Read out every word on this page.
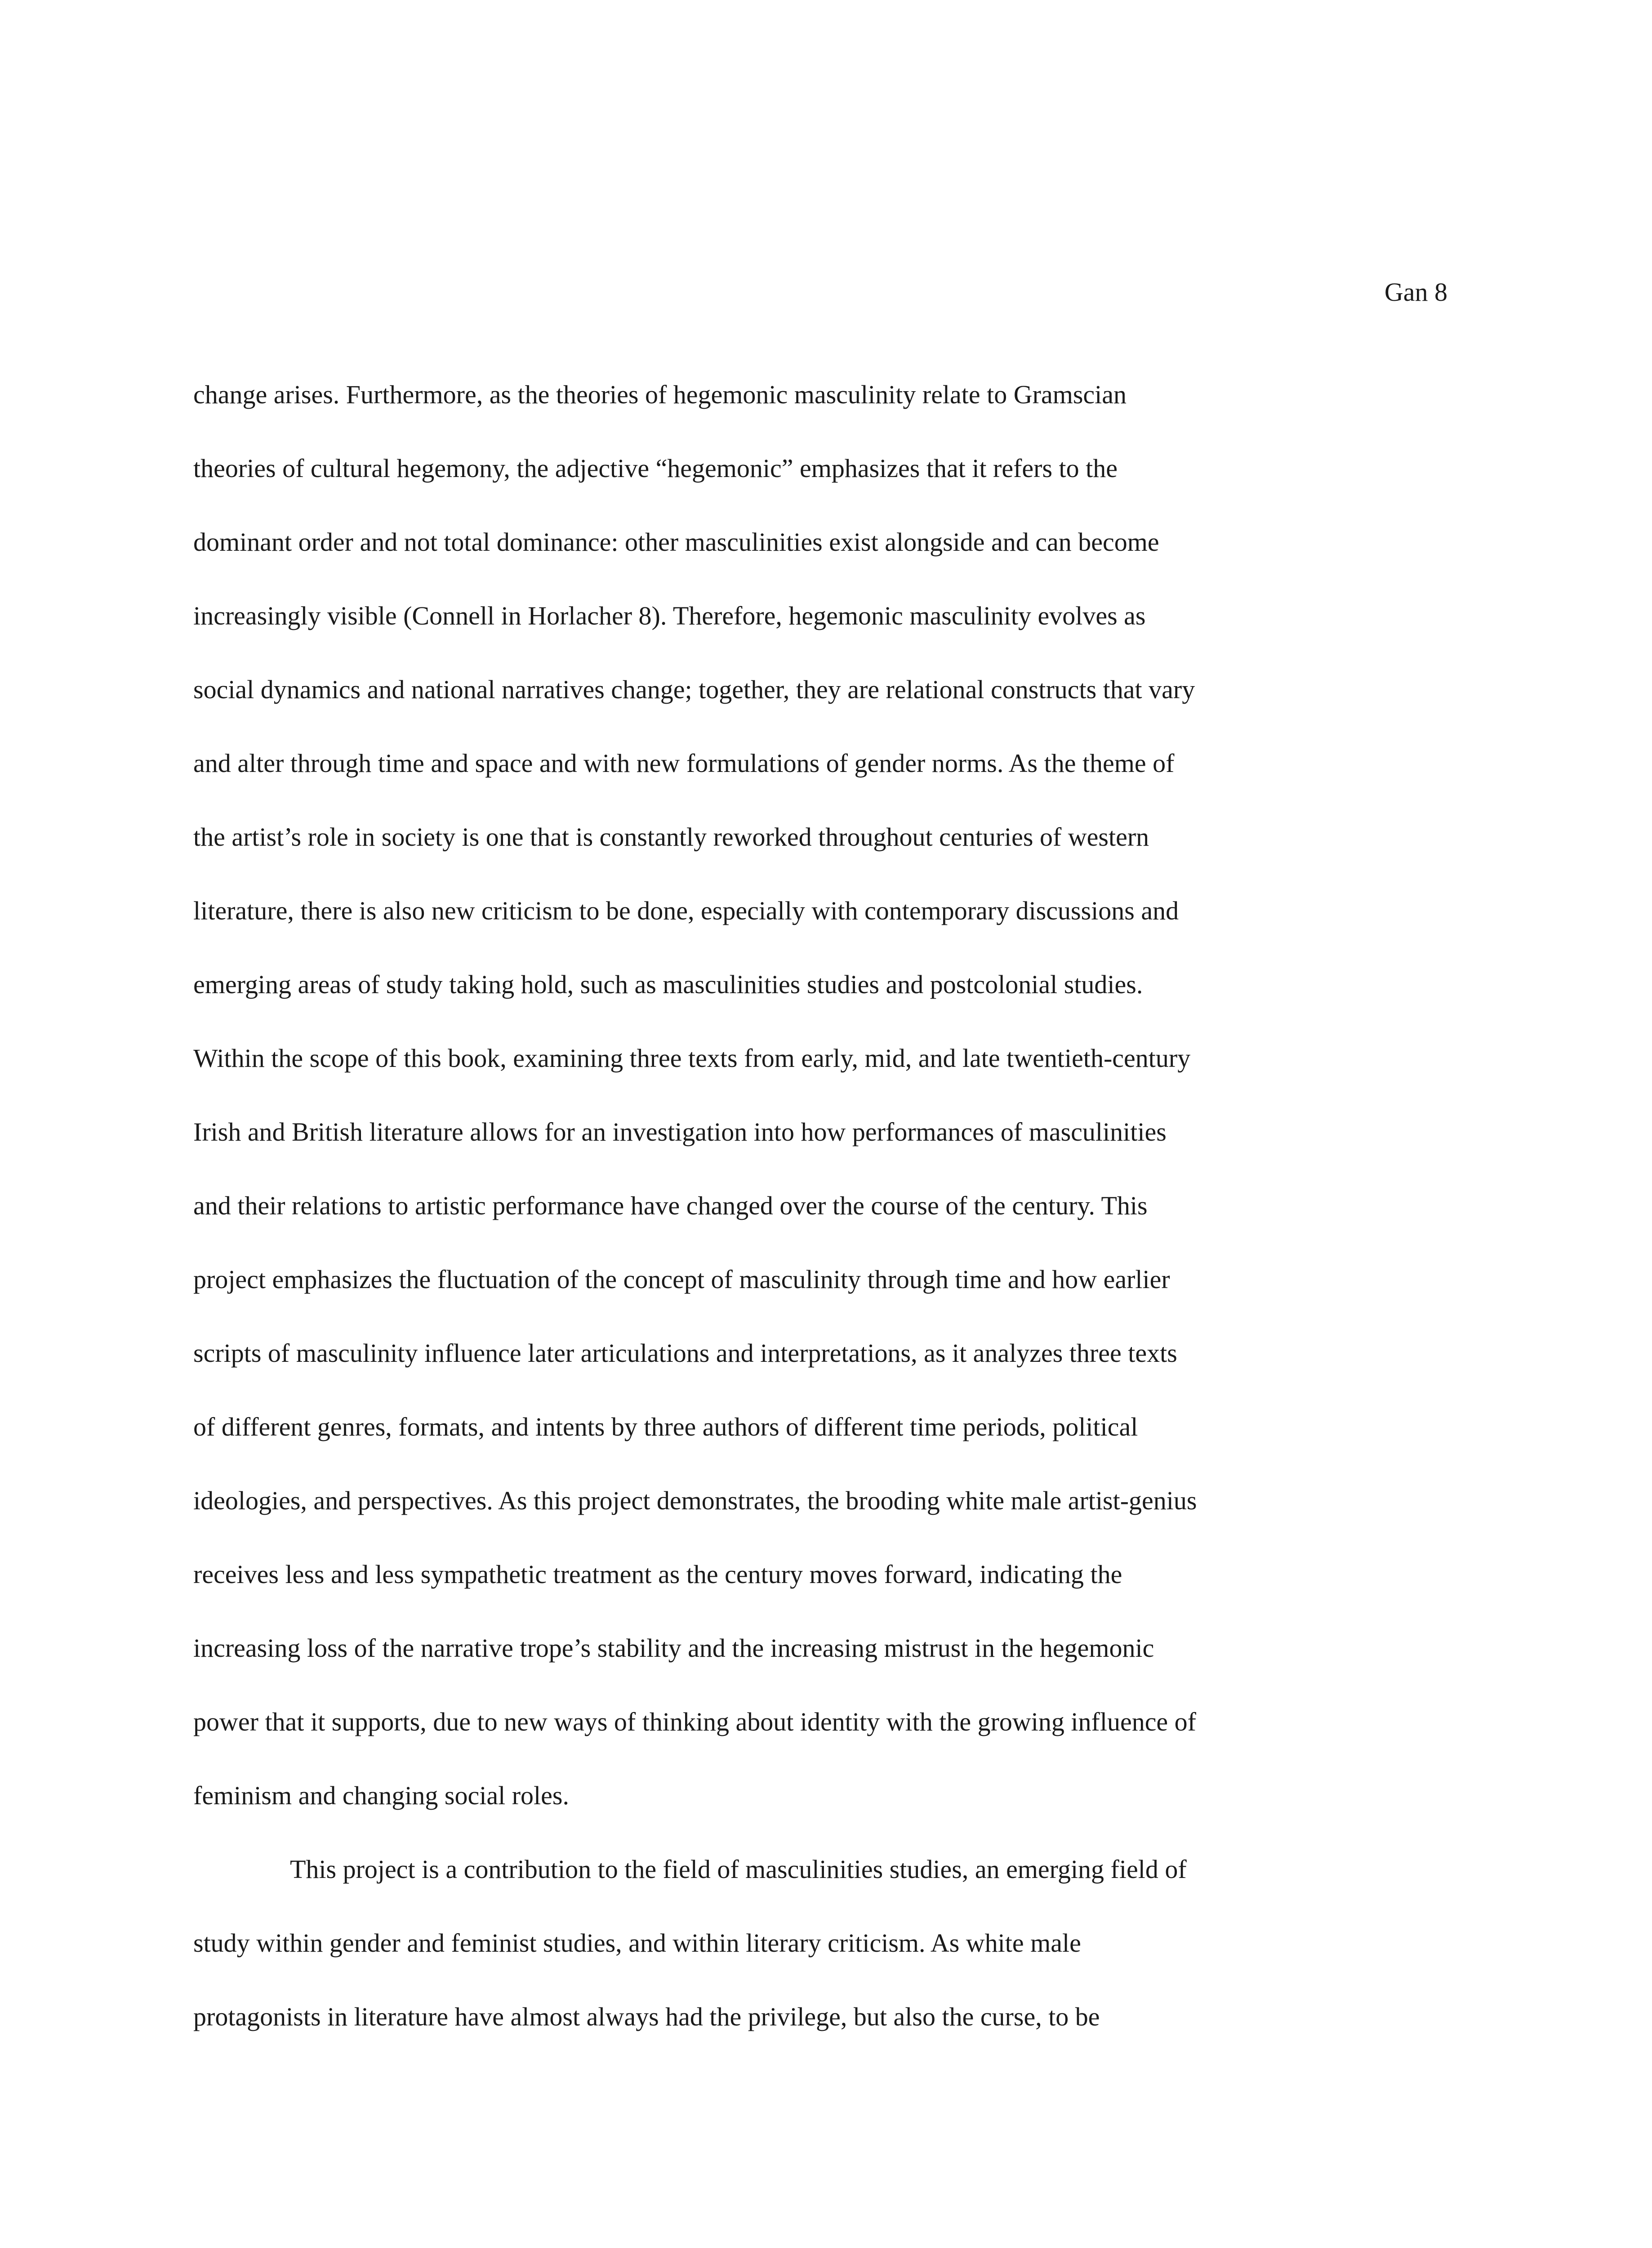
Gan 8
change arises. Furthermore, as the theories of hegemonic masculinity relate to Gramscian
theories of cultural hegemony, the adjective “hegemonic” emphasizes that it refers to the
dominant order and not total dominance: other masculinities exist alongside and can become
increasingly visible (Connell in Horlacher 8). Therefore, hegemonic masculinity evolves as
social dynamics and national narratives change; together, they are relational constructs that vary
and alter through time and space and with new formulations of gender norms. As the theme of
the artist’s role in society is one that is constantly reworked throughout centuries of western
literature, there is also new criticism to be done, especially with contemporary discussions and
emerging areas of study taking hold, such as masculinities studies and postcolonial studies.
Within the scope of this book, examining three texts from early, mid, and late twentieth-century
Irish and British literature allows for an investigation into how performances of masculinities
and their relations to artistic performance have changed over the course of the century. This
project emphasizes the fluctuation of the concept of masculinity through time and how earlier
scripts of masculinity influence later articulations and interpretations, as it analyzes three texts
of different genres, formats, and intents by three authors of different time periods, political
ideologies, and perspectives. As this project demonstrates, the brooding white male artist-genius
receives less and less sympathetic treatment as the century moves forward, indicating the
increasing loss of the narrative trope’s stability and the increasing mistrust in the hegemonic
power that it supports, due to new ways of thinking about identity with the growing influence of
feminism and changing social roles.
This project is a contribution to the field of masculinities studies, an emerging field of
study within gender and feminist studies, and within literary criticism. As white male
protagonists in literature have almost always had the privilege, but also the curse, to be
